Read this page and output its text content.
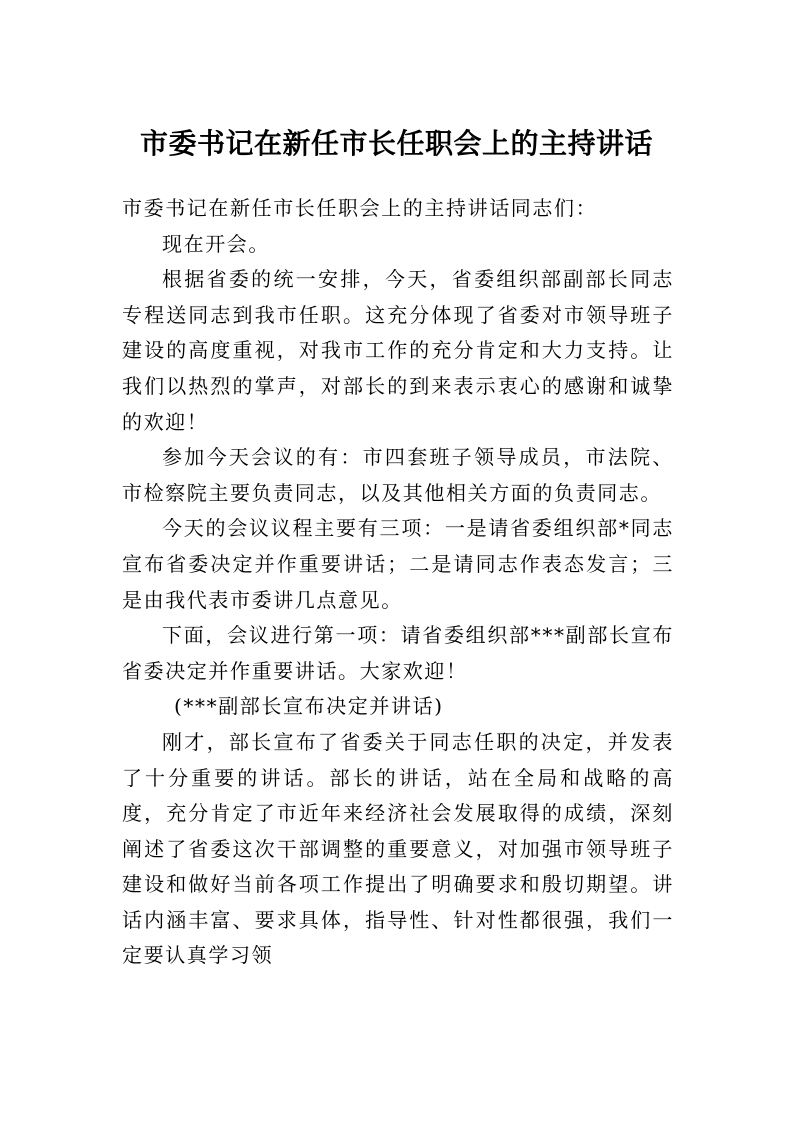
市委书记在新任市长任职会上的主持讲话

市委书记在新任市长任职会上的主持讲话同志们：

现在开会。

根据省委的统一安排，今天，省委组织部副部长同志专程送同志到我市任职。这充分体现了省委对市领导班子建设的高度重视，对我市工作的充分肯定和大力支持。让我们以热烈的掌声，对部长的到来表示衷心的感谢和诚挚的欢迎！

参加今天会议的有：市四套班子领导成员，市法院、市检察院主要负责同志，以及其他相关方面的负责同志。

今天的会议议程主要有三项：一是请省委组织部*同志宣布省委决定并作重要讲话；二是请同志作表态发言；三是由我代表市委讲几点意见。

下面，会议进行第一项：请省委组织部***副部长宣布省委决定并作重要讲话。大家欢迎！

(***副部长宣布决定并讲话)

刚才，部长宣布了省委关于同志任职的决定，并发表了十分重要的讲话。部长的讲话，站在全局和战略的高度，充分肯定了市近年来经济社会发展取得的成绩，深刻阐述了省委这次干部调整的重要意义，对加强市领导班子建设和做好当前各项工作提出了明确要求和殷切期望。讲话内涵丰富、要求具体，指导性、针对性都很强，我们一定要认真学习领
